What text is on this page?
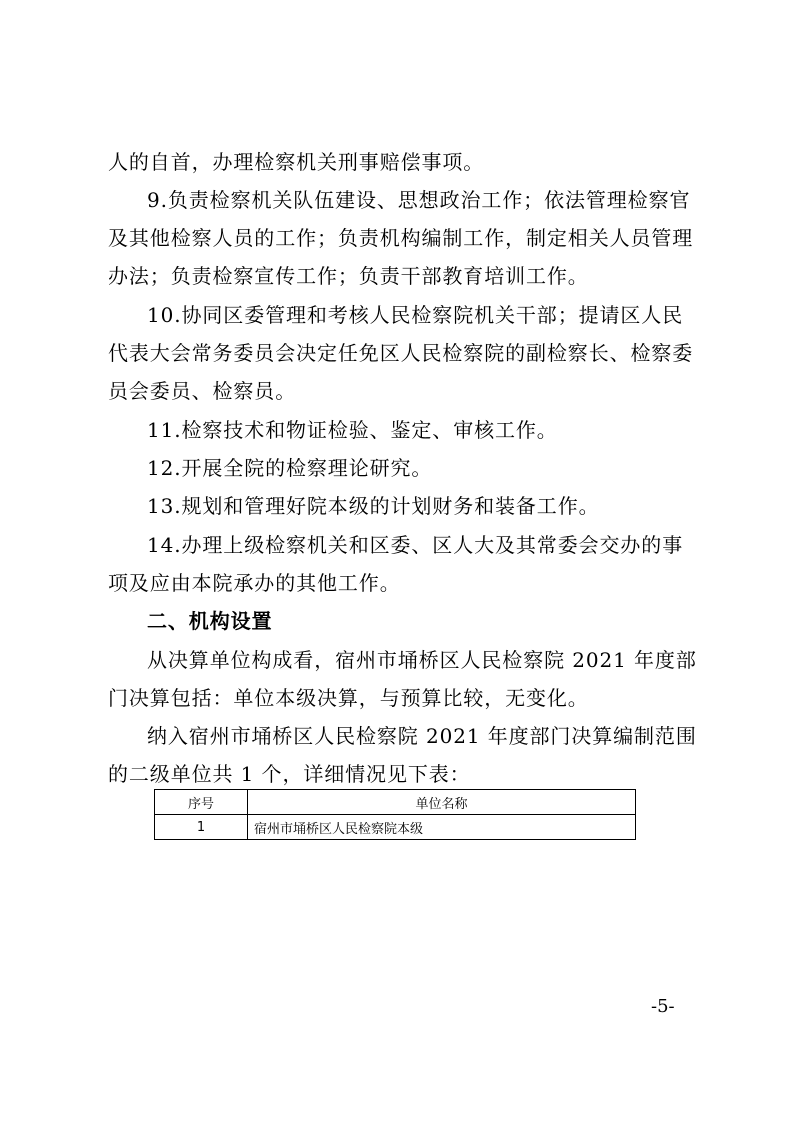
人的自首，办理检察机关刑事赔偿事项。
9.负责检察机关队伍建设、思想政治工作；依法管理检察官
及其他检察人员的工作；负责机构编制工作，制定相关人员管理
办法；负责检察宣传工作；负责干部教育培训工作。
10.协同区委管理和考核人民检察院机关干部；提请区人民
代表大会常务委员会决定任免区人民检察院的副检察长、检察委
员会委员、检察员。
11.检察技术和物证检验、鉴定、审核工作。
12.开展全院的检察理论研究。
13.规划和管理好院本级的计划财务和装备工作。
14.办理上级检察机关和区委、区人大及其常委会交办的事
项及应由本院承办的其他工作。
二、机构设置
从决算单位构成看，宿州市埇桥区人民检察院 2021 年度部
门决算包括：单位本级决算，与预算比较，无变化。
纳入宿州市埇桥区人民检察院 2021 年度部门决算编制范围
的二级单位共 1 个，详细情况见下表：
序号	单位名称
1	宿州市埇桥区人民检察院本级
-5-
